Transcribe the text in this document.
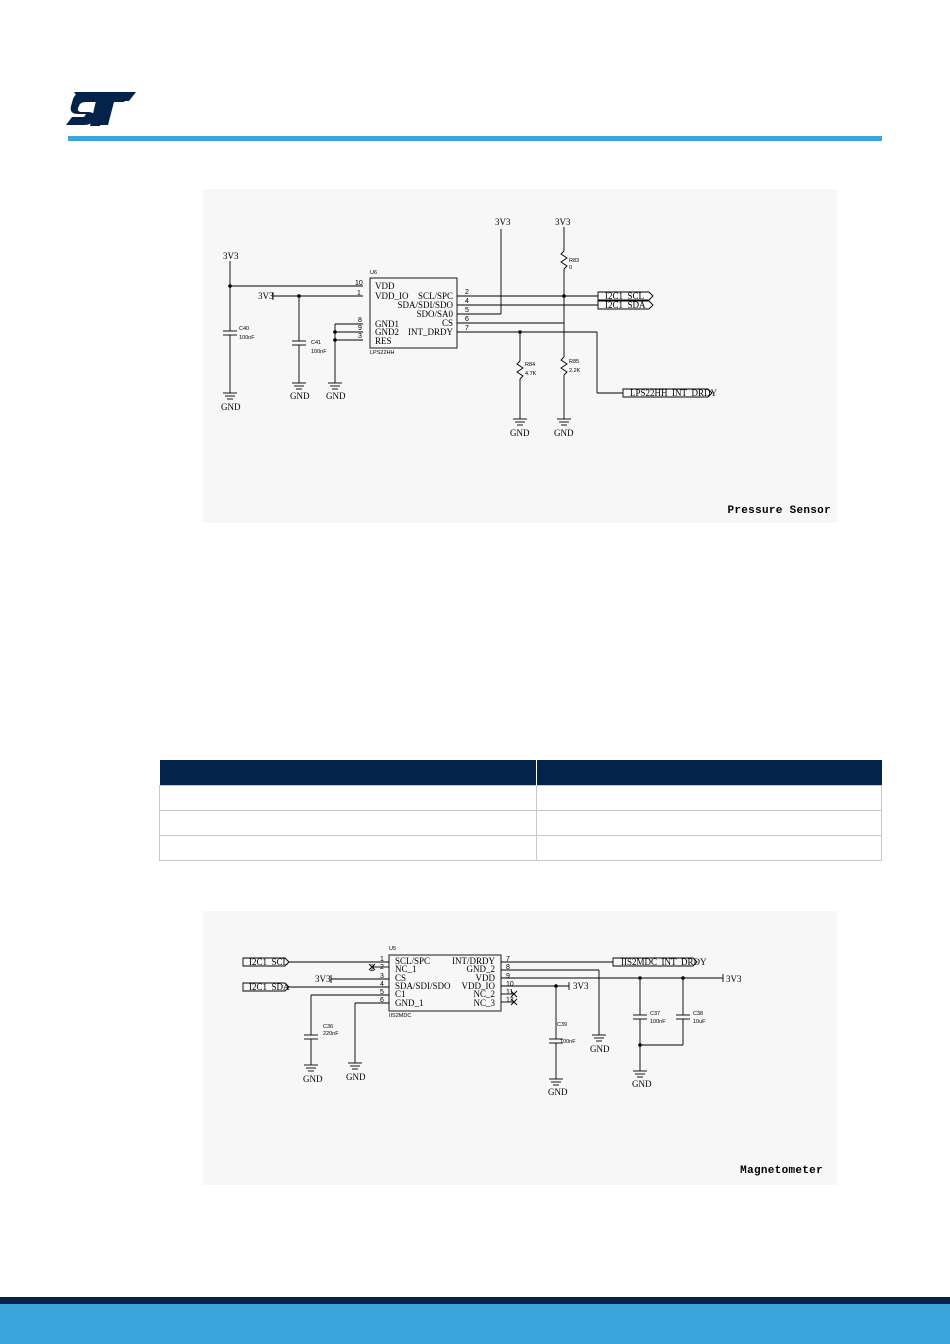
3V3
10
C40
100nF
GND
3V3
C41
100nF
GND GND
U6
LPS22HH
1
8
9
3
VDD
VDD_IO
GND1
GND2
RES
SCL/SPC
SDA/SDI/SDO
SDO/SA0
CS
INT_DRDY
2
4
5
6
7
3V3	3V3
R83
0
R85
2.2K
GND
R84
4.7K
GND
I2C1_SCL
I2C1_SDA
LPS22HH_INT_DRDY
Pressure Sensor

I2C1_SCL
I2C1_SDA
2
3V3
C36
220nF
GND	GND
U5
IIS2MDC
1
2
3
4
5
6
SCL/SPC
NC_1
CS
SDA/SDI/SDO
C1
GND_1
INT/DRDY
GND_2
VDD
VDD_IO
NC_2
NC_3
7
8
9
10
11
12
IIS2MDC_INT_DRDY
GND
3V3
C39
100nF
GND
C37
100nF
C38
10uF
GND
3V3
Magnetometer
